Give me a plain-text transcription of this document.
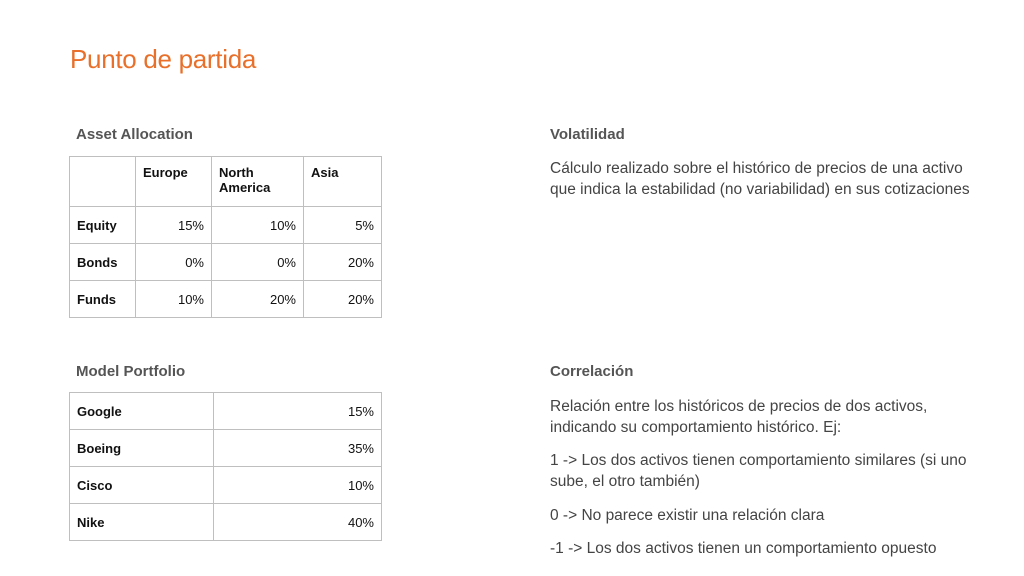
Punto de partida
Asset Allocation
	Europe	North America	Asia
Equity	15%	10%	5%
Bonds	0%	0%	20%
Funds	10%	20%	20%
Model Portfolio
Google	15%
Boeing	35%
Cisco	10%
Nike	40%
Volatilidad
Cálculo realizado sobre el histórico de precios de una activo que indica la estabilidad (no variabilidad) en sus cotizaciones
Correlación
Relación entre los históricos de precios de dos activos, indicando su comportamiento histórico. Ej:
1 -> Los dos activos tienen comportamiento similares (si uno sube, el otro también)
0 -> No parece existir una relación clara
-1 -> Los dos activos tienen un comportamiento opuesto
